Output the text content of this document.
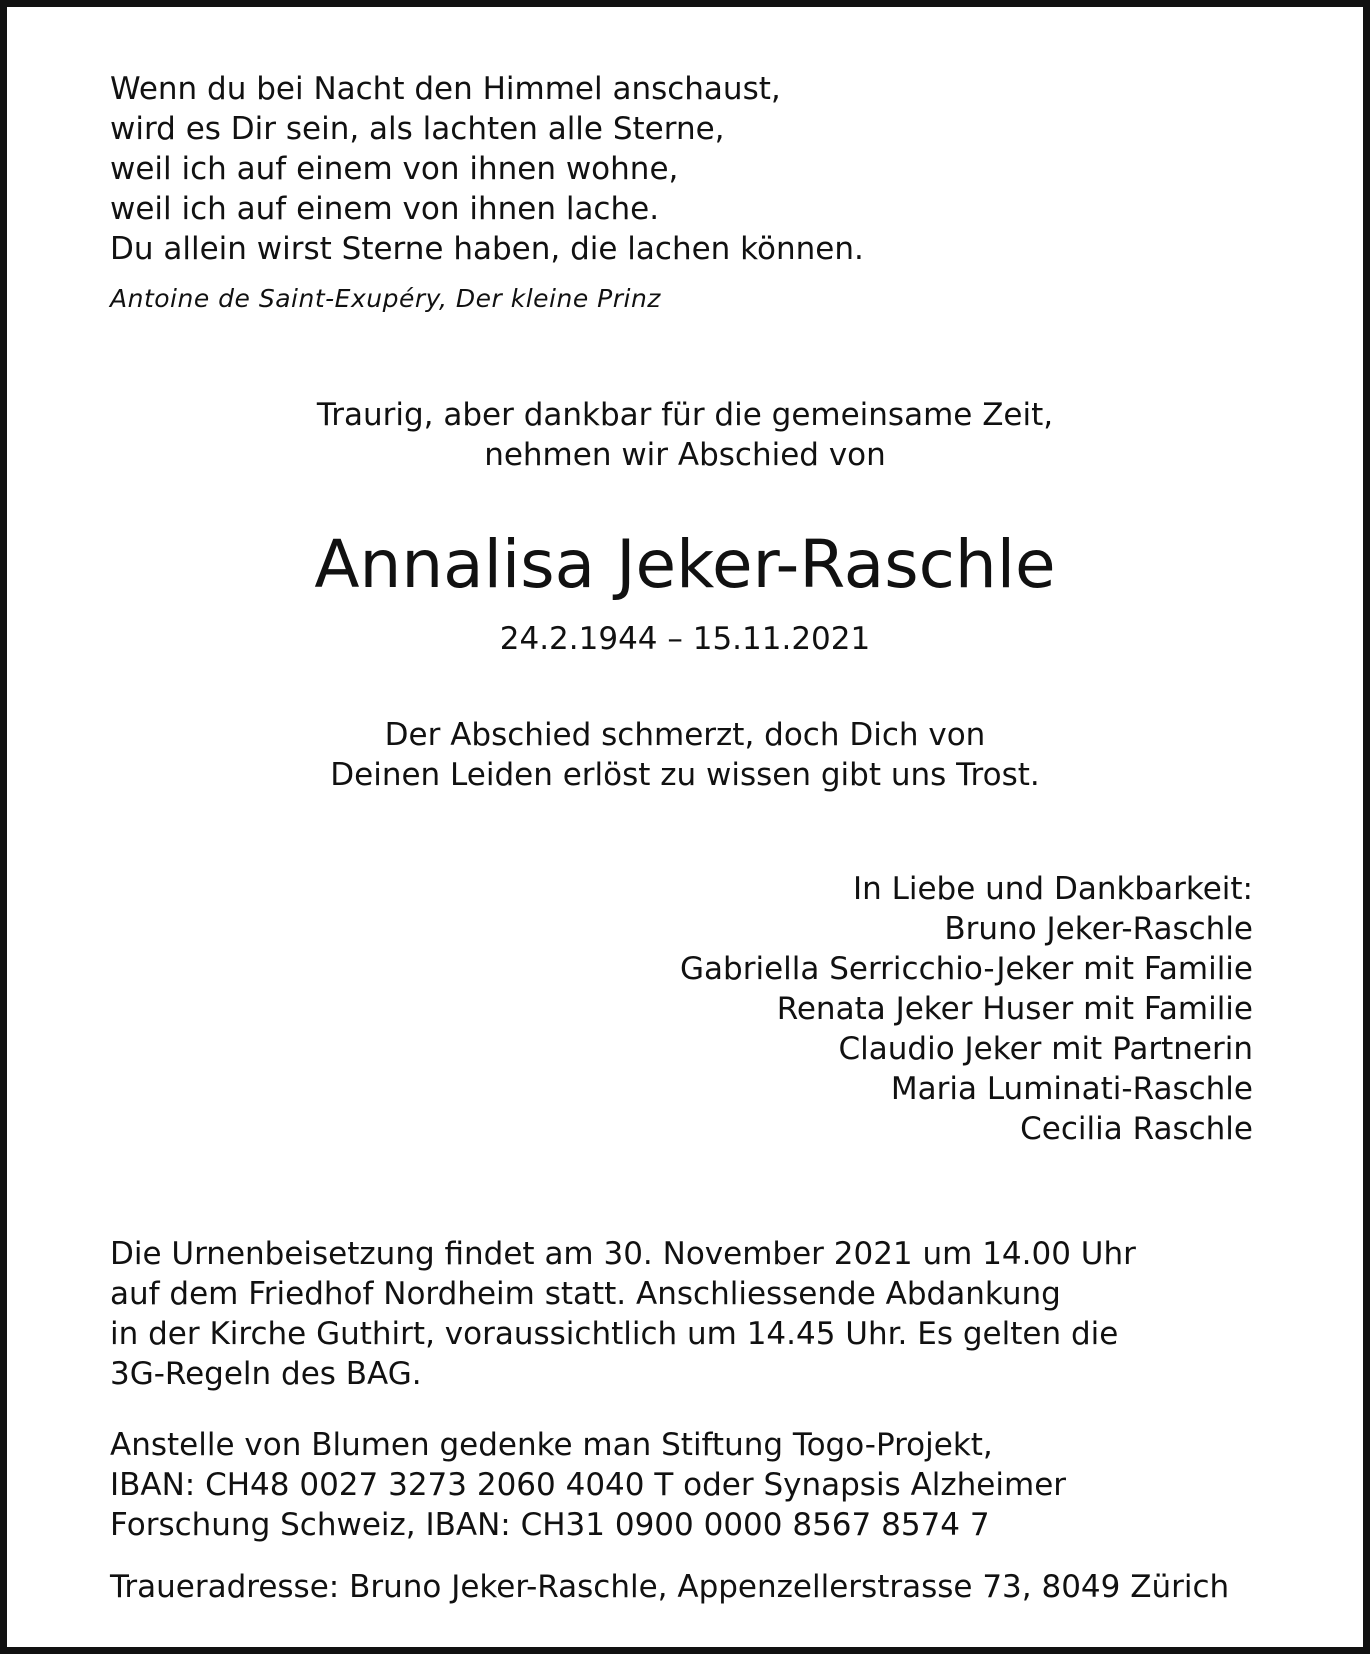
Wenn du bei Nacht den Himmel anschaust,
wird es Dir sein, als lachten alle Sterne,
weil ich auf einem von ihnen wohne,
weil ich auf einem von ihnen lache.
Du allein wirst Sterne haben, die lachen können.
Antoine de Saint-Exupéry, Der kleine Prinz
Traurig, aber dankbar für die gemeinsame Zeit,
nehmen wir Abschied von
Annalisa Jeker-Raschle
24.2.1944 – 15.11.2021
Der Abschied schmerzt, doch Dich von
Deinen Leiden erlöst zu wissen gibt uns Trost.
In Liebe und Dankbarkeit:
Bruno Jeker-Raschle
Gabriella Serricchio-Jeker mit Familie
Renata Jeker Huser mit Familie
Claudio Jeker mit Partnerin
Maria Luminati-Raschle
Cecilia Raschle
Die Urnenbeisetzung findet am 30. November 2021 um 14.00 Uhr
auf dem Friedhof Nordheim statt. Anschliessende Abdankung
in der Kirche Guthirt, voraussichtlich um 14.45 Uhr. Es gelten die
3G-Regeln des BAG.
Anstelle von Blumen gedenke man Stiftung Togo-Projekt,
IBAN: CH48 0027 3273 2060 4040 T oder Synapsis Alzheimer
Forschung Schweiz, IBAN: CH31 0900 0000 8567 8574 7
Traueradresse: Bruno Jeker-Raschle, Appenzellerstrasse 73, 8049 Zürich
